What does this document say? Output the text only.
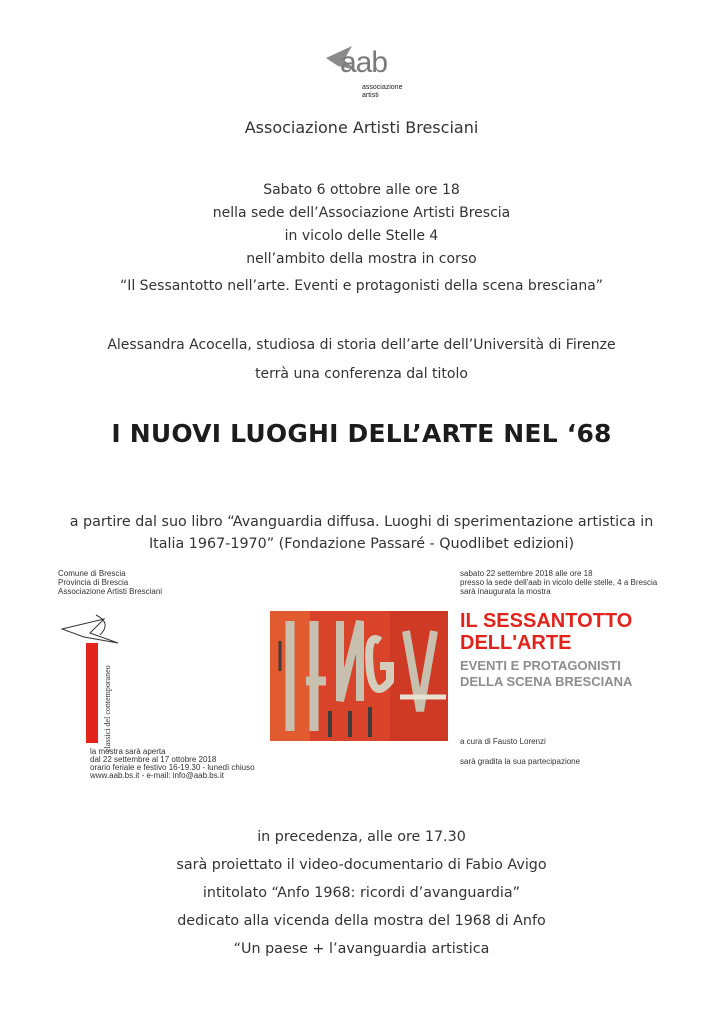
aab
associazione
artisti
Associazione Artisti Bresciani
Sabato 6 ottobre alle ore 18
nella sede dell’Associazione Artisti Brescia
in vicolo delle Stelle 4
nell’ambito della mostra in corso
“Il Sessantotto nell’arte. Eventi e protagonisti della scena bresciana”
Alessandra Acocella, studiosa di storia dell’arte dell’Università di Firenze
terrà una conferenza dal titolo
I NUOVI LUOGHI DELL’ARTE NEL ‘68
a partire dal suo libro “Avanguardia diffusa. Luoghi di sperimentazione artistica in
Italia 1967-1970” (Fondazione Passaré - Quodlibet edizioni)
Comune di Brescia
Provincia di Brescia
Associazione Artisti Bresciani
sabato 22 settembre 2018 alle ore 18
presso la sede dell'aab in vicolo delle stelle, 4 a Brescia
sarà inaugurata la mostra
classici del contemporaneo
IL SESSANTOTTO
DELL'ARTE
EVENTI E PROTAGONISTI
DELLA SCENA BRESCIANA
a cura di Fausto Lorenzi
sarà gradita la sua partecipazione
la mostra sarà aperta
dal 22 settembre al 17 ottobre 2018
orario feriale e festivo 16-19.30 - lunedì chiuso
www.aab.bs.it - e-mail: info@aab.bs.it
in precedenza, alle ore 17.30
sarà proiettato il video-documentario di Fabio Avigo
intitolato “Anfo 1968: ricordi d’avanguardia”
dedicato alla vicenda della mostra del 1968 di Anfo
“Un paese + l’avanguardia artistica
